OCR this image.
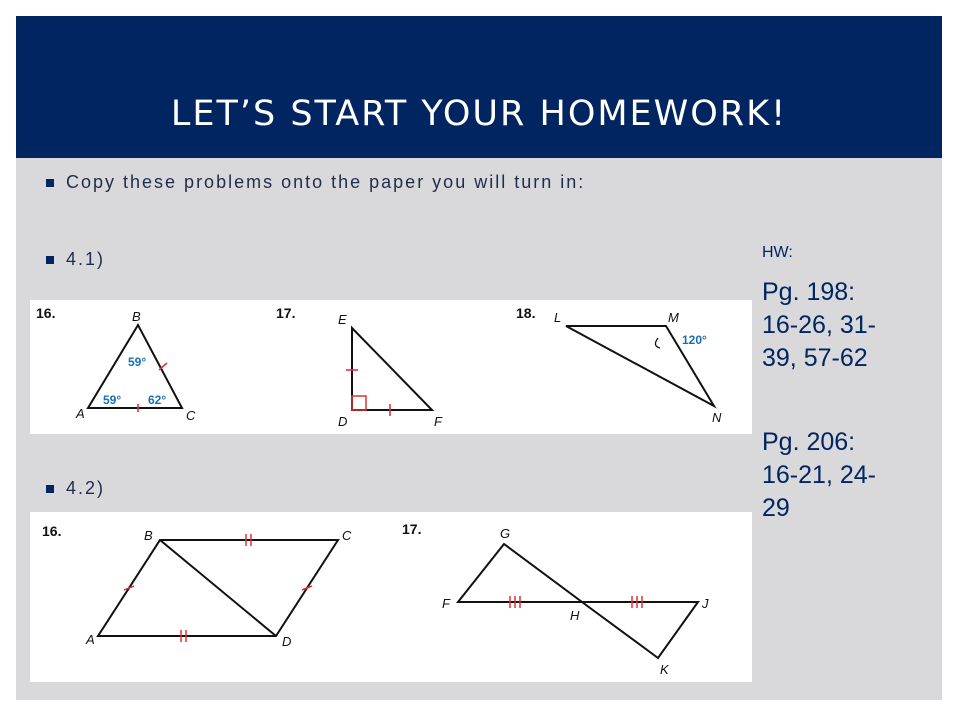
LET’S START YOUR HOMEWORK!
Copy these problems onto the paper you will turn in:
4.1)
4.2)
16.	B
A	C
59°
59° 62°
17.	E
D	F
18. L	M
N
120°
16.	B	C
A	D
17.	G
F
H
J
K
HW:
Pg. 198:
16-26, 31-
39, 57-62
Pg. 206:
16-21, 24-
29
